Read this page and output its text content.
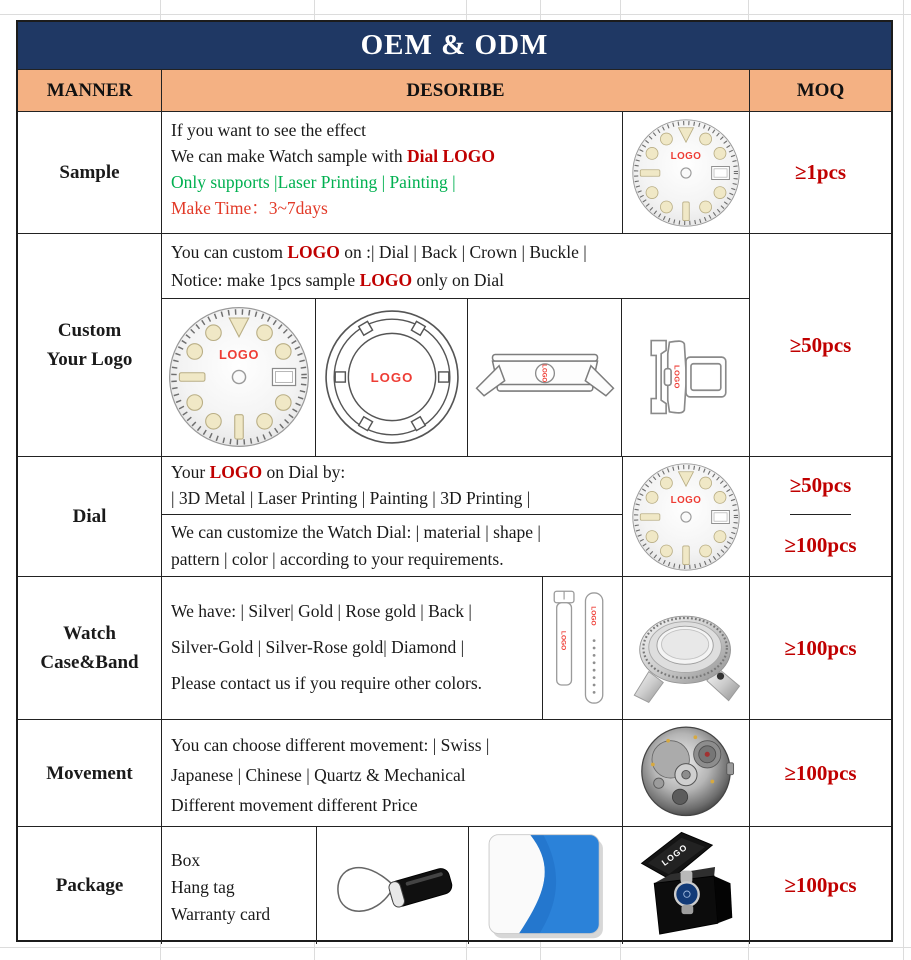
OEM & ODM
MANNER	DESORIBE	MOQ
Sample
If you want to see the effect
We can make Watch sample with Dial LOGO
Only supports |Laser Printing | Painting |
Make Time：3~7days
≥1pcs
Custom
Your Logo
You can custom LOGO on :| Dial | Back | Crown | Buckle |
Notice: make 1pcs sample LOGO only on Dial
≥50pcs
Dial
Your LOGO on Dial by:
| 3D Metal | Laser Printing | Painting | 3D Printing |
We can customize the Watch Dial: | material | shape |
pattern | color | according to your requirements.
≥50pcs
≥100pcs
Watch
Case&Band
We have: | Silver| Gold | Rose gold | Back |
Silver-Gold | Silver-Rose gold| Diamond |
Please contact us if you require other colors.
≥100pcs
Movement
You can choose different movement: | Swiss |
Japanese | Chinese | Quartz & Mechanical
Different movement different Price
≥100pcs
Package
Box
Hang tag
Warranty card
≥100pcs
